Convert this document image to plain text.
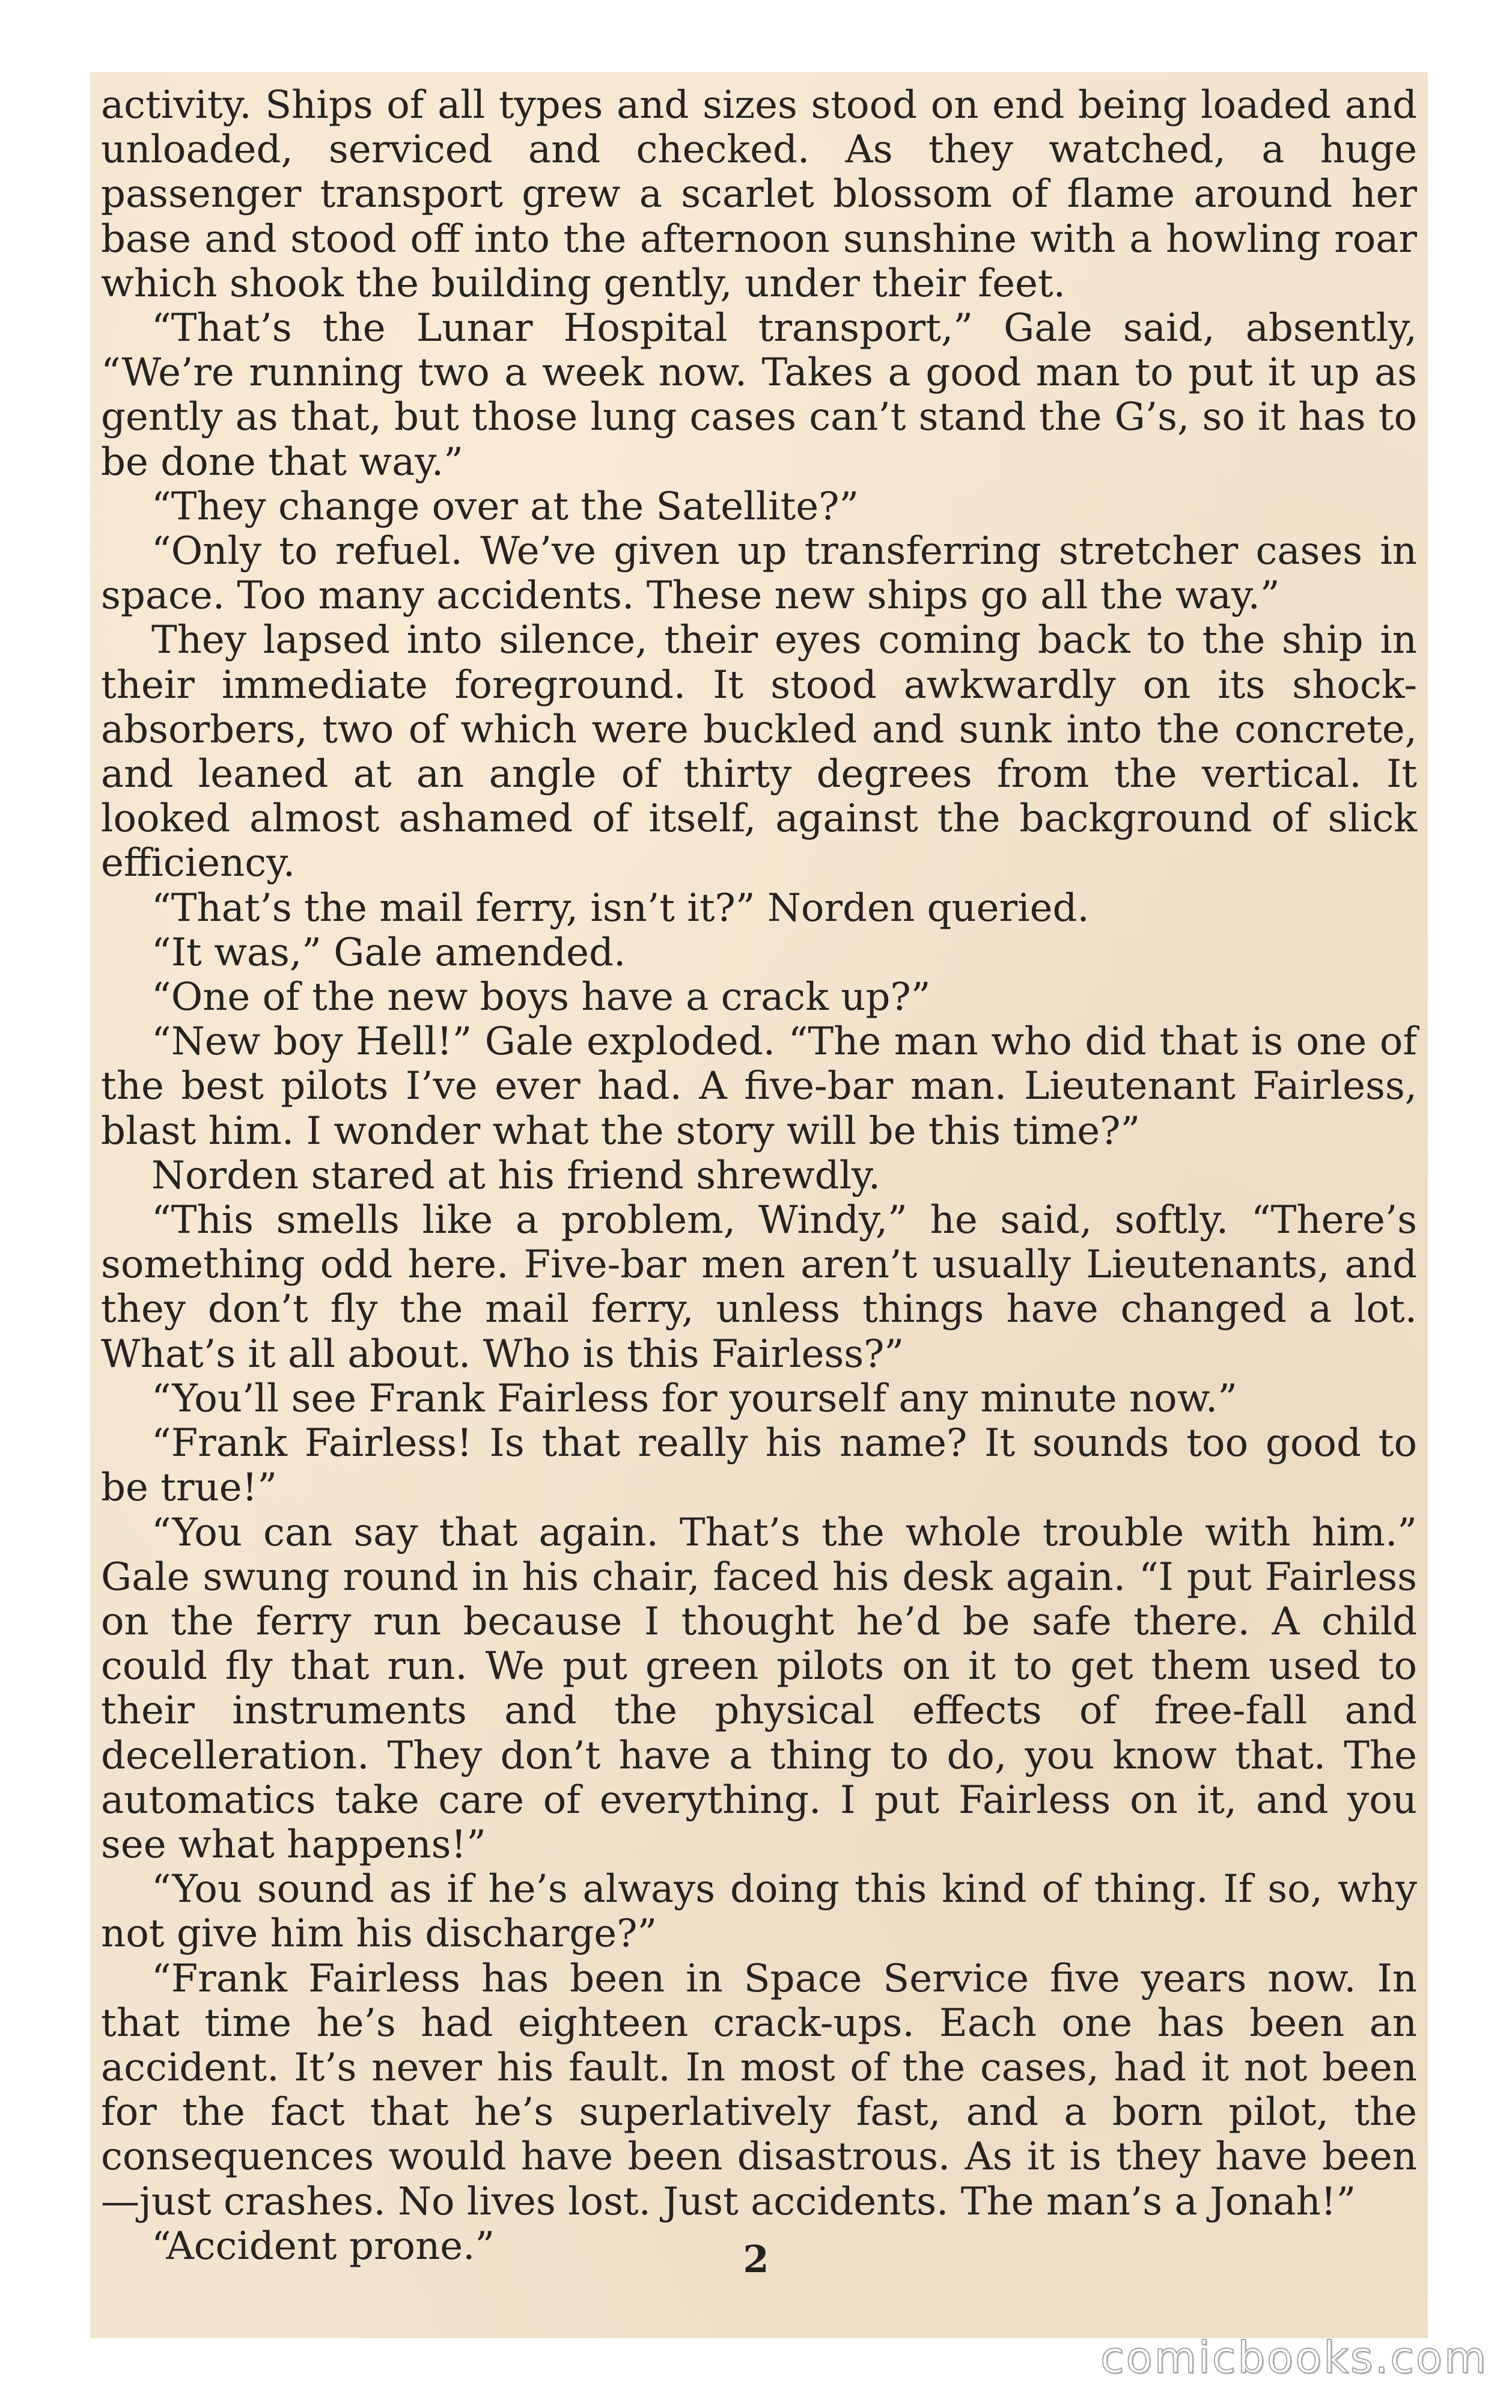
activity. Ships of all types and sizes stood on end being loaded and unloaded, serviced and checked. As they watched, a huge passenger transport grew a scarlet blossom of flame around her base and stood off into the afternoon sunshine with a howling roar which shook the building gently, under their feet.

“That’s the Lunar Hospital transport,” Gale said, absently, “We’re running two a week now. Takes a good man to put it up as gently as that, but those lung cases can’t stand the G’s, so it has to be done that way.”

“They change over at the Satellite?”

“Only to refuel. We’ve given up transferring stretcher cases in space. Too many accidents. These new ships go all the way.”

They lapsed into silence, their eyes coming back to the ship in their immediate foreground. It stood awkwardly on its shock-absorbers, two of which were buckled and sunk into the concrete, and leaned at an angle of thirty degrees from the vertical. It looked almost ashamed of itself, against the background of slick efficiency.

“That’s the mail ferry, isn’t it?” Norden queried.

“It was,” Gale amended.

“One of the new boys have a crack up?”

“New boy Hell!” Gale exploded. “The man who did that is one of the best pilots I’ve ever had. A five-bar man. Lieutenant Fairless, blast him. I wonder what the story will be this time?”

Norden stared at his friend shrewdly.

“This smells like a problem, Windy,” he said, softly. “There’s something odd here. Five-bar men aren’t usually Lieutenants, and they don’t fly the mail ferry, unless things have changed a lot. What’s it all about. Who is this Fairless?”

“You’ll see Frank Fairless for yourself any minute now.”

“Frank Fairless! Is that really his name? It sounds too good to be true!”

“You can say that again. That’s the whole trouble with him.” Gale swung round in his chair, faced his desk again. “I put Fairless on the ferry run because I thought he’d be safe there. A child could fly that run. We put green pilots on it to get them used to their instruments and the physical effects of free-fall and decelleration. They don’t have a thing to do, you know that. The automatics take care of everything. I put Fairless on it, and you see what happens!”

“You sound as if he’s always doing this kind of thing. If so, why not give him his discharge?”

“Frank Fairless has been in Space Service five years now. In that time he’s had eighteen crack-ups. Each one has been an accident. It’s never his fault. In most of the cases, had it not been for the fact that he’s superlatively fast, and a born pilot, the consequences would have been disastrous. As it is they have been —just crashes. No lives lost. Just accidents. The man’s a Jonah!”

“Accident prone.”	2
comicbooks.com
